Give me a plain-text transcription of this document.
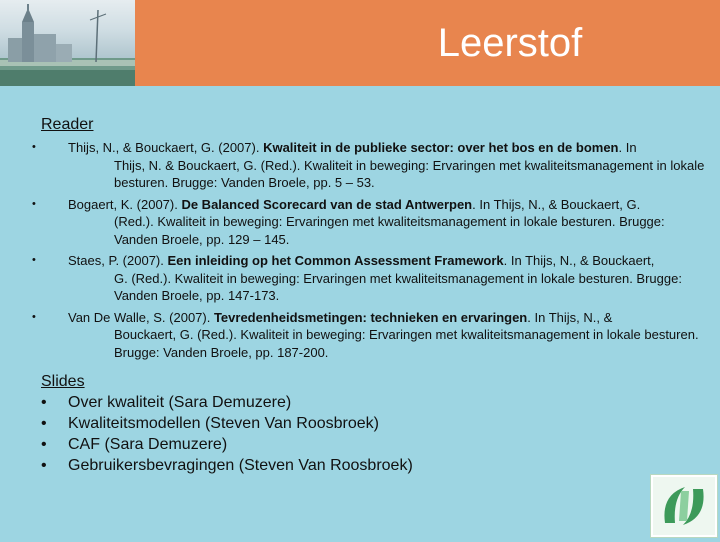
Leerstof
Reader
• Thijs, N., & Bouckaert, G. (2007). Kwaliteit in de publieke sector: over het bos en de bomen. In
Thijs, N. & Bouckaert, G. (Red.). Kwaliteit in beweging: Ervaringen met kwaliteitsmanagement in lokale besturen. Brugge: Vanden Broele, pp. 5 – 53.
• Bogaert, K. (2007). De Balanced Scorecard van de stad Antwerpen. In Thijs, N., & Bouckaert, G.
(Red.). Kwaliteit in beweging: Ervaringen met kwaliteitsmanagement in lokale besturen. Brugge: Vanden Broele, pp. 129 – 145.
• Staes, P. (2007). Een inleiding op het Common Assessment Framework. In Thijs, N., & Bouckaert,
G. (Red.). Kwaliteit in beweging: Ervaringen met kwaliteitsmanagement in lokale besturen. Brugge: Vanden Broele, pp. 147-173.
• Van De Walle, S. (2007). Tevredenheidsmetingen: technieken en ervaringen. In Thijs, N., &
Bouckaert, G. (Red.). Kwaliteit in beweging: Ervaringen met kwaliteitsmanagement in lokale besturen. Brugge: Vanden Broele, pp. 187-200.
Slides
• Over kwaliteit (Sara Demuzere)
• Kwaliteitsmodellen (Steven Van Roosbroek)
• CAF (Sara Demuzere)
• Gebruikersbevragingen (Steven Van Roosbroek)
